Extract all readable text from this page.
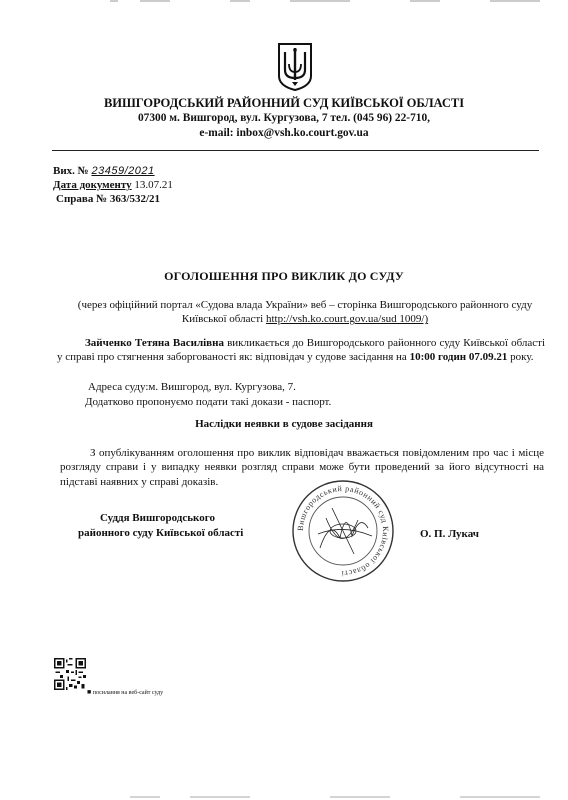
ВИШГОРОДСЬКИЙ РАЙОННИЙ СУД КИЇВСЬКОЇ ОБЛАСТІ
07300 м. Вишгород, вул. Кургузова, 7 тел. (045 96) 22-710,
e-mail: inbox@vsh.ko.court.gov.ua
Вих. № 23459/2021
Дата документу 13.07.21
Справа № 363/532/21
ОГОЛОШЕННЯ ПРО ВИКЛИК ДО СУДУ
(через офіційний портал «Судова влада України» веб – сторінка Вишгородського районного суду Київської області http://vsh.ko.court.gov.ua/sud 1009/)
Зайченко Тетяна Василівна викликається до Вишгородського районного суду Київської області у справі про стягнення заборгованості як: відповідач у судове засідання на 10:00 годин 07.09.21 року.
Адреса суду:м. Вишгород, вул. Кургузова, 7.
Додатково пропонуємо подати такі докази - паспорт.
Наслідки неявки в судове засідання
З опублікуванням оголошення про виклик відповідач вважається повідомленим про час і місце розгляду справи і у випадку неявки розгляд справи може бути проведений за його відсутності на підставі наявних у справі доказів.
Суддя Вишгородського
районного суду Київської області	О. П. Лукач
Вишгородський районний суд Київської області
■ посилання на веб-сайт суду
